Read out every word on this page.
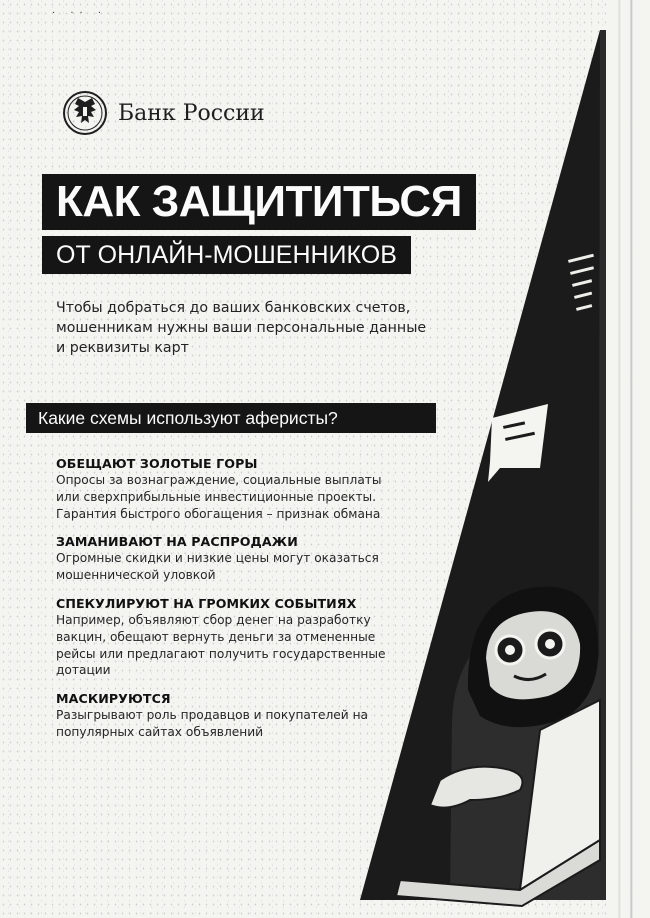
· ·· ·
Банк России
КАК ЗАЩИТИТЬСЯ
ОТ ОНЛАЙН-МОШЕННИКОВ
Чтобы добраться до ваших банковских счетов, мошенникам нужны ваши персональные данные и реквизиты карт
Какие схемы используют аферисты?
ОБЕЩАЮТ ЗОЛОТЫЕ ГОРЫ
Опросы за вознаграждение, социальные выплаты или сверхприбыльные инвестиционные проекты. Гарантия быстрого обогащения – признак обмана
ЗАМАНИВАЮТ НА РАСПРОДАЖИ
Огромные скидки и низкие цены могут оказаться мошеннической уловкой
СПЕКУЛИРУЮТ НА ГРОМКИХ СОБЫТИЯХ
Например, объявляют сбор денег на разработку вакцин, обещают вернуть деньги за отмененные рейсы или предлагают получить государственные дотации
МАСКИРУЮТСЯ
Разыгрывают роль продавцов и покупателей на популярных сайтах объявлений
